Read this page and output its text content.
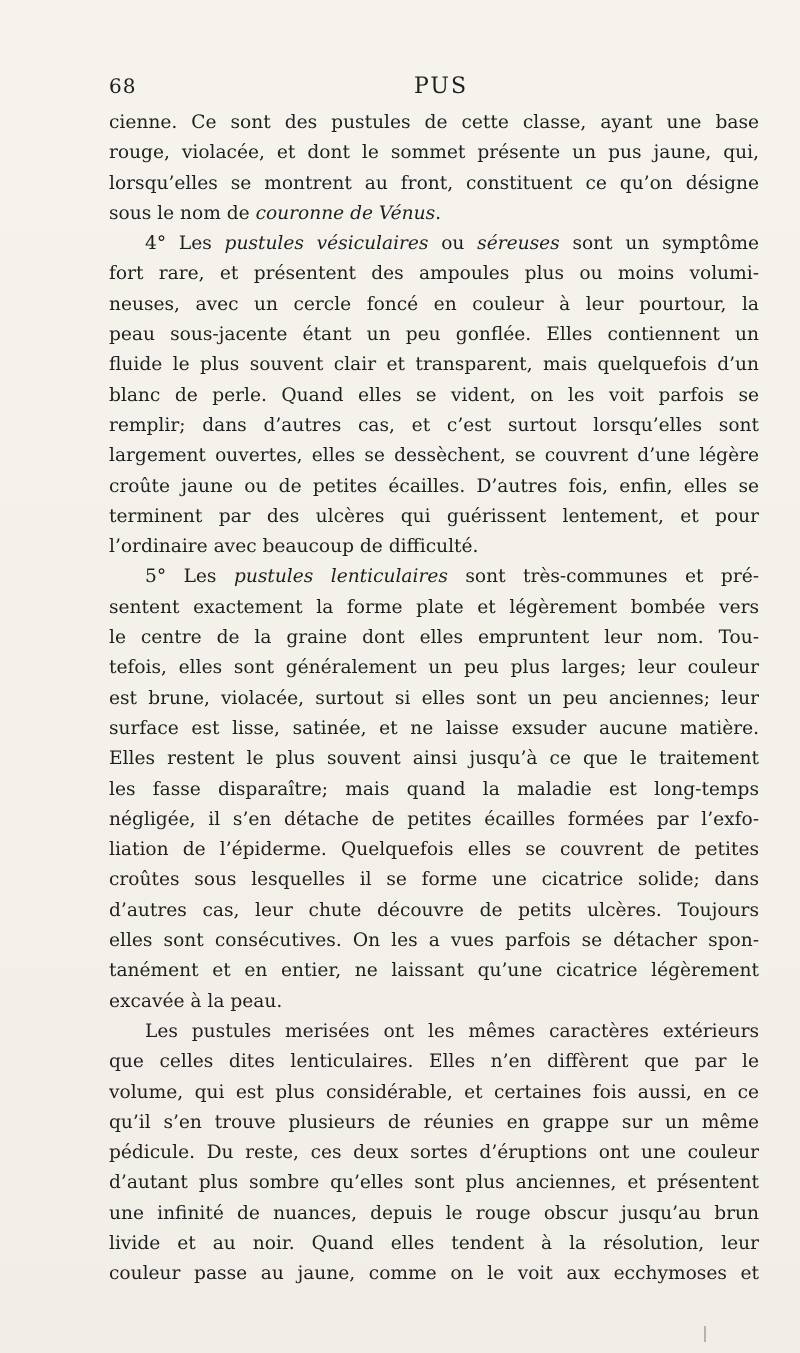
68	PUS
cienne. Ce sont des pustules de cette classe, ayant une base
rouge, violacée, et dont le sommet présente un pus jaune, qui,
lorsqu’elles se montrent au front, constituent ce qu’on désigne
sous le nom de couronne de Vénus.
4° Les pustules vésiculaires ou séreuses sont un symptôme
fort rare, et présentent des ampoules plus ou moins volumi-
neuses, avec un cercle foncé en couleur à leur pourtour, la
peau sous-jacente étant un peu gonflée. Elles contiennent un
fluide le plus souvent clair et transparent, mais quelquefois d’un
blanc de perle. Quand elles se vident, on les voit parfois se
remplir; dans d’autres cas, et c’est surtout lorsqu’elles sont
largement ouvertes, elles se dessèchent, se couvrent d’une légère
croûte jaune ou de petites écailles. D’autres fois, enfin, elles se
terminent par des ulcères qui guérissent lentement, et pour
l’ordinaire avec beaucoup de difficulté.
5° Les pustules lenticulaires sont très-communes et pré-
sentent exactement la forme plate et légèrement bombée vers
le centre de la graine dont elles empruntent leur nom. Tou-
tefois, elles sont généralement un peu plus larges; leur couleur
est brune, violacée, surtout si elles sont un peu anciennes; leur
surface est lisse, satinée, et ne laisse exsuder aucune matière.
Elles restent le plus souvent ainsi jusqu’à ce que le traitement
les fasse disparaître; mais quand la maladie est long-temps
négligée, il s’en détache de petites écailles formées par l’exfo-
liation de l’épiderme. Quelquefois elles se couvrent de petites
croûtes sous lesquelles il se forme une cicatrice solide; dans
d’autres cas, leur chute découvre de petits ulcères. Toujours
elles sont consécutives. On les a vues parfois se détacher spon-
tanément et en entier, ne laissant qu’une cicatrice légèrement
excavée à la peau.
Les pustules merisées ont les mêmes caractères extérieurs
que celles dites lenticulaires. Elles n’en diffèrent que par le
volume, qui est plus considérable, et certaines fois aussi, en ce
qu’il s’en trouve plusieurs de réunies en grappe sur un même
pédicule. Du reste, ces deux sortes d’éruptions ont une couleur
d’autant plus sombre qu’elles sont plus anciennes, et présentent
une infinité de nuances, depuis le rouge obscur jusqu’au brun
livide et au noir. Quand elles tendent à la résolution, leur
couleur passe au jaune, comme on le voit aux ecchymoses et
